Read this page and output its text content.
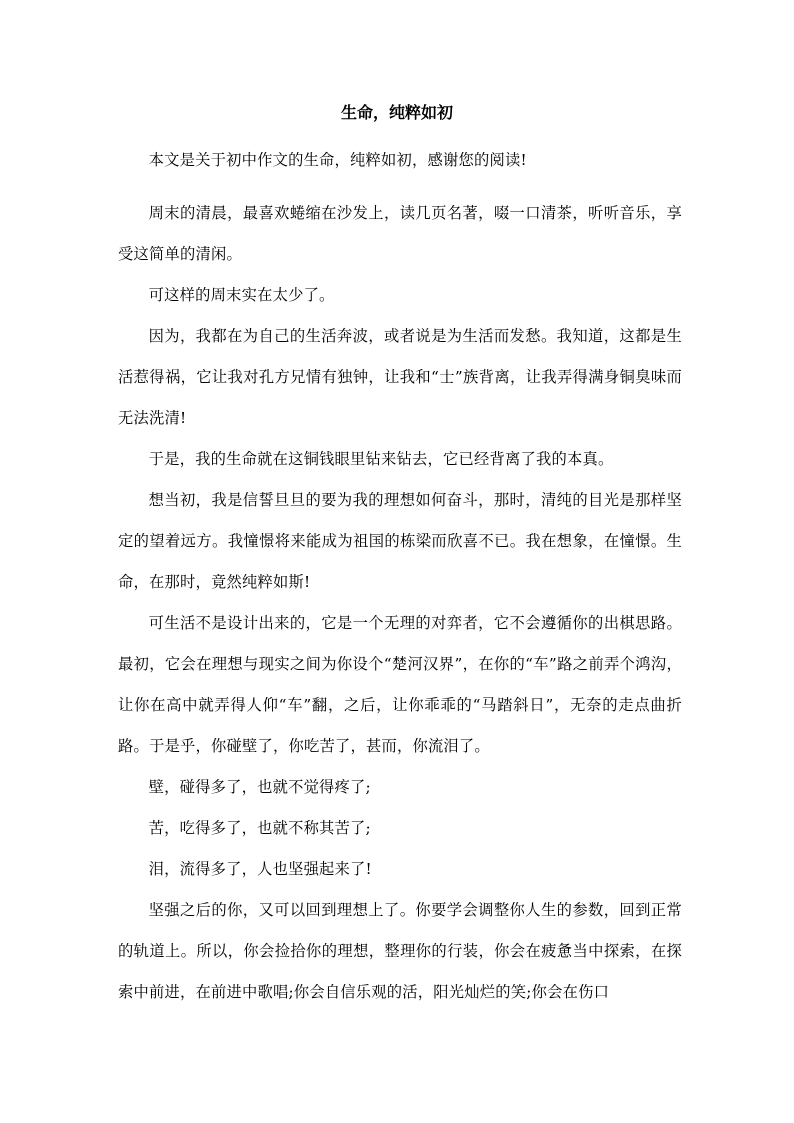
生命，纯粹如初

本文是关于初中作文的生命，纯粹如初，感谢您的阅读!

周末的清晨，最喜欢蜷缩在沙发上，读几页名著，啜一口清茶，听听音乐，享受这简单的清闲。

可这样的周末实在太少了。

因为，我都在为自己的生活奔波，或者说是为生活而发愁。我知道，这都是生活惹得祸，它让我对孔方兄情有独钟，让我和“士”族背离，让我弄得满身铜臭味而无法洗清!

于是，我的生命就在这铜钱眼里钻来钻去，它已经背离了我的本真。

想当初，我是信誓旦旦的要为我的理想如何奋斗，那时，清纯的目光是那样坚定的望着远方。我憧憬将来能成为祖国的栋梁而欣喜不已。我在想象，在憧憬。生命，在那时，竟然纯粹如斯!

可生活不是设计出来的，它是一个无理的对弈者，它不会遵循你的出棋思路。最初，它会在理想与现实之间为你设个“楚河汉界”，在你的“车”路之前弄个鸿沟，让你在高中就弄得人仰“车”翻，之后，让你乖乖的“马踏斜日”，无奈的走点曲折路。于是乎，你碰壁了，你吃苦了，甚而，你流泪了。

壁，碰得多了，也就不觉得疼了;

苦，吃得多了，也就不称其苦了;

泪，流得多了，人也坚强起来了!

坚强之后的你，又可以回到理想上了。你要学会调整你人生的参数，回到正常的轨道上。所以，你会捡拾你的理想，整理你的行装，你会在疲惫当中探索，在探索中前进，在前进中歌唱;你会自信乐观的活，阳光灿烂的笑;你会在伤口
